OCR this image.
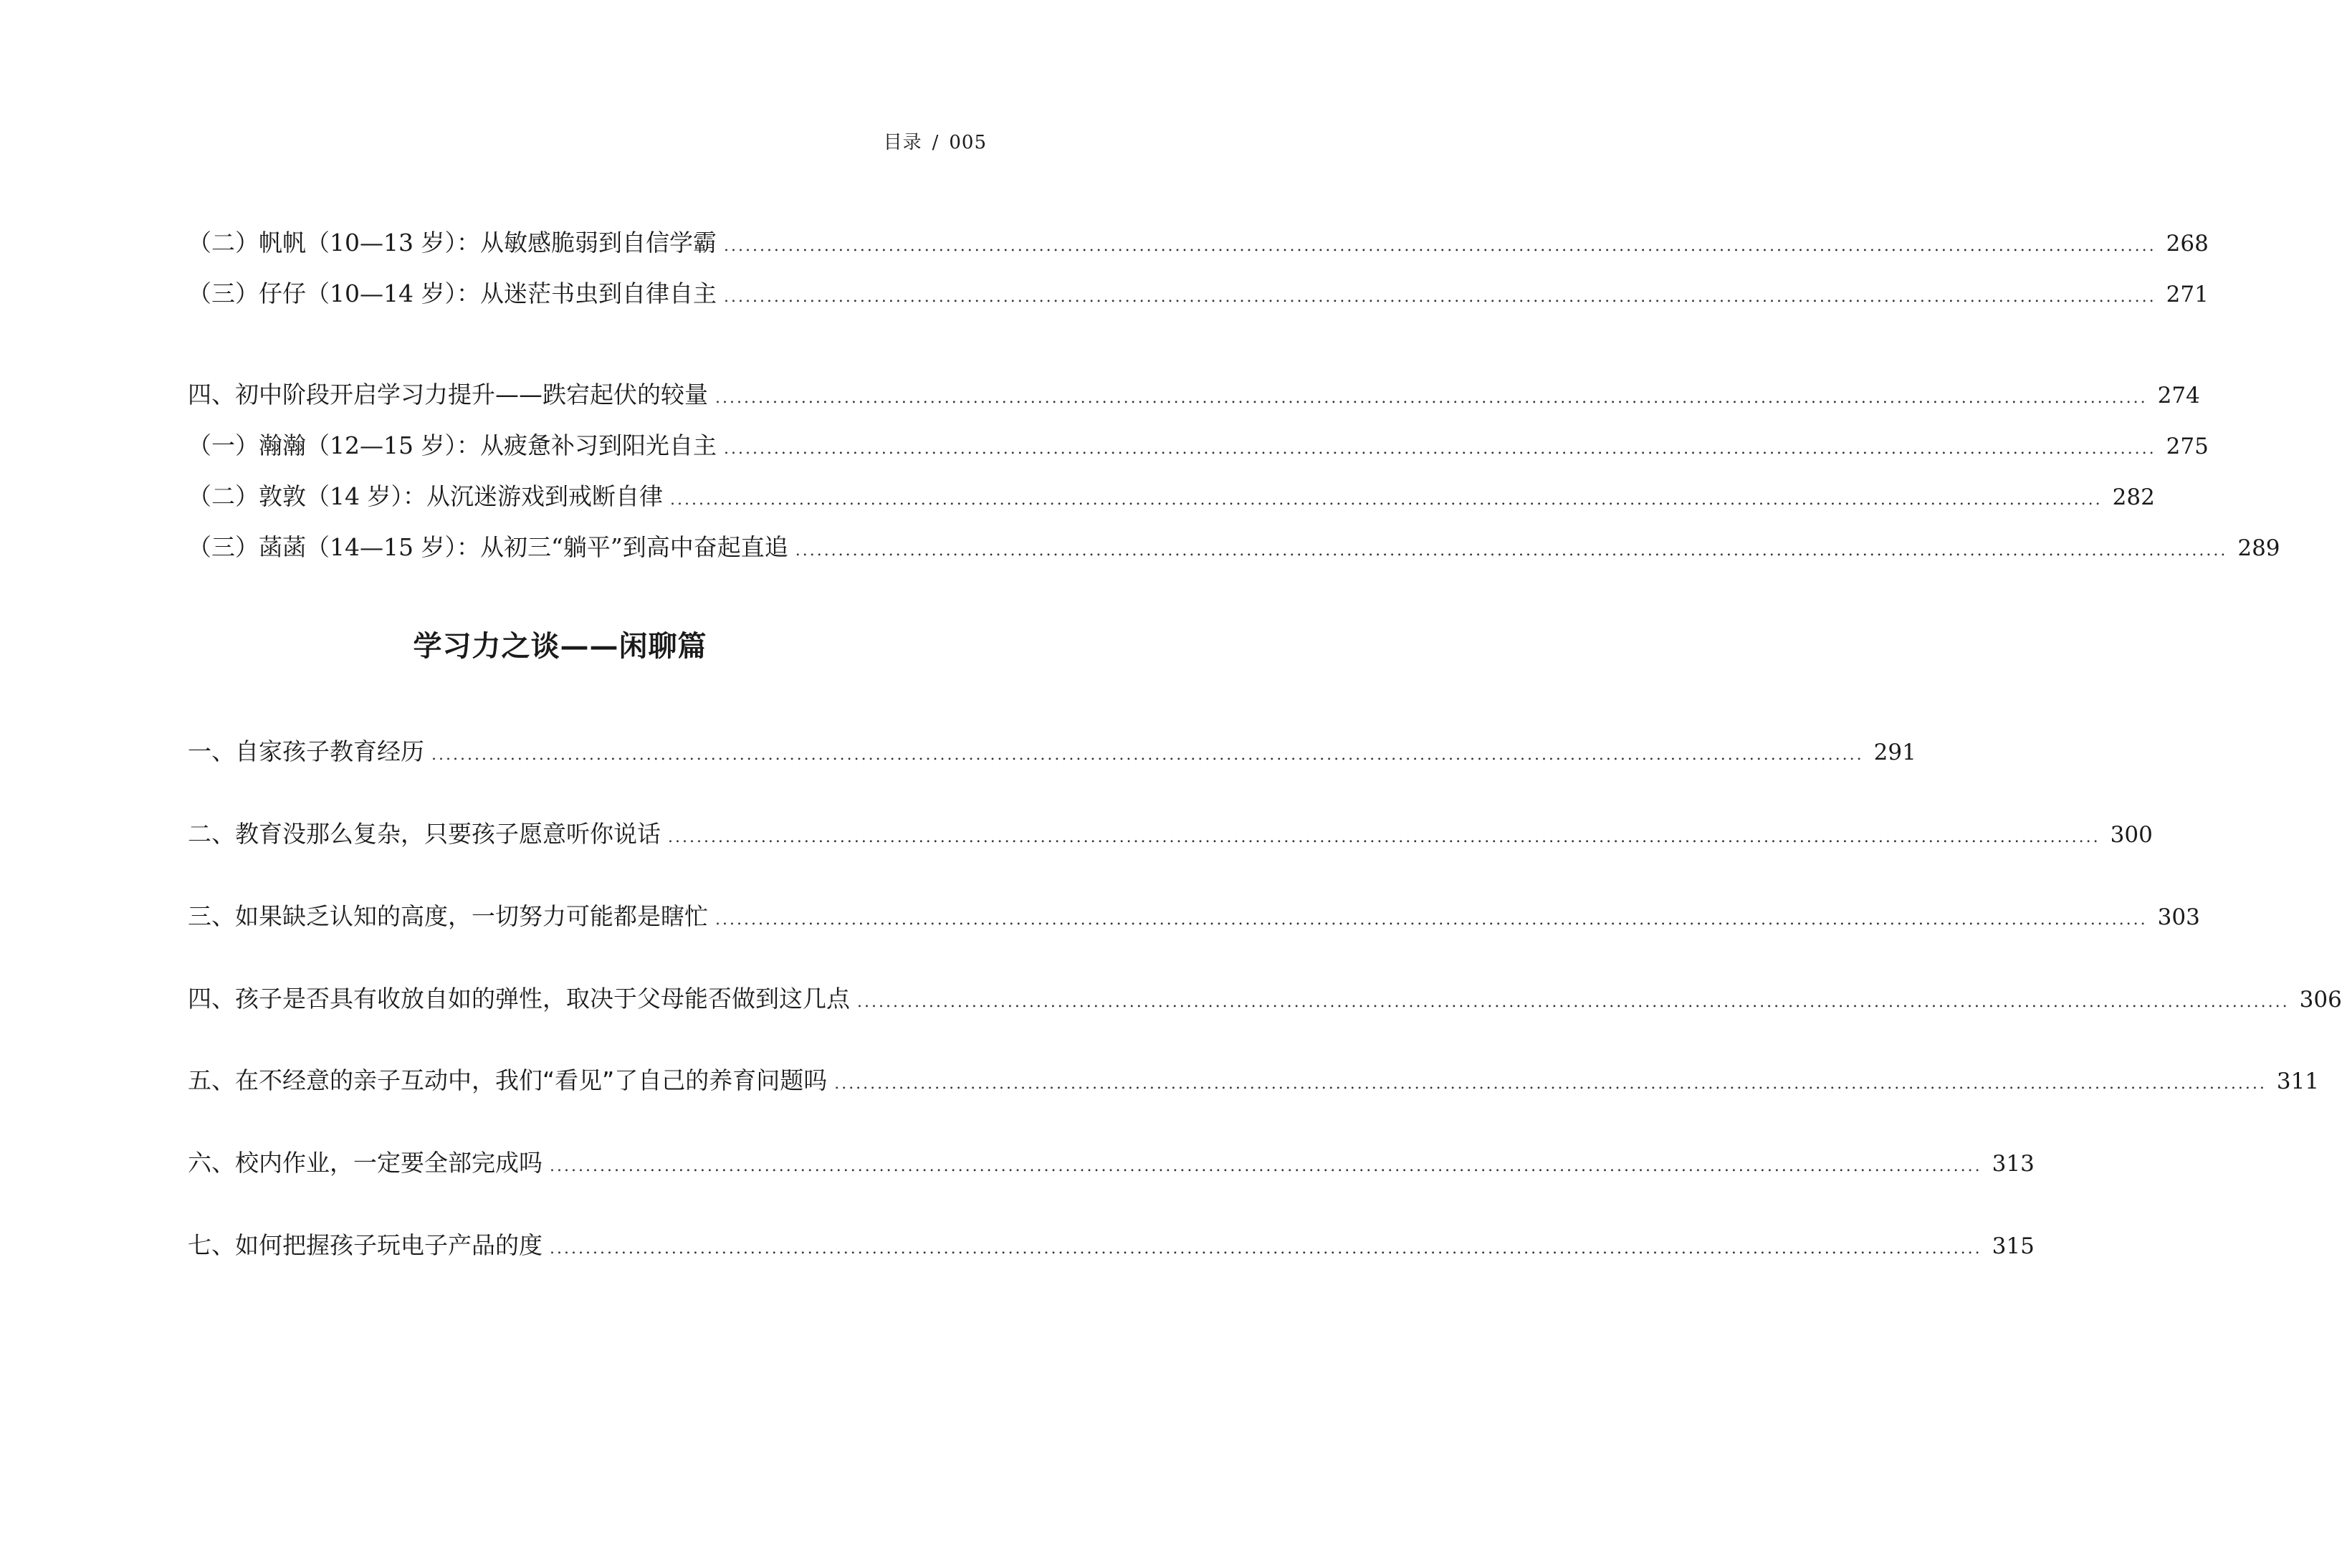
目录 / 005
（二）帆帆（10—13 岁）：从敏感脆弱到自信学霸 ........................................................................................................................................................................................................ 268
（三）仔仔（10—14 岁）：从迷茫书虫到自律自主 ........................................................................................................................................................................................................ 271
四、初中阶段开启学习力提升——跌宕起伏的较量 ........................................................................................................................................................................................................ 274
（一）瀚瀚（12—15 岁）：从疲惫补习到阳光自主 ........................................................................................................................................................................................................ 275
（二）敦敦（14 岁）：从沉迷游戏到戒断自律 ........................................................................................................................................................................................................ 282
（三）菡菡（14—15 岁）：从初三“躺平”到高中奋起直追 ........................................................................................................................................................................................................ 289
学习力之谈——闲聊篇
一、自家孩子教育经历 ........................................................................................................................................................................................................ 291
二、教育没那么复杂，只要孩子愿意听你说话 ........................................................................................................................................................................................................ 300
三、如果缺乏认知的高度，一切努力可能都是瞎忙 ........................................................................................................................................................................................................ 303
四、孩子是否具有收放自如的弹性，取决于父母能否做到这几点 ........................................................................................................................................................................................................ 306
五、在不经意的亲子互动中，我们“看见”了自己的养育问题吗 ........................................................................................................................................................................................................ 311
六、校内作业，一定要全部完成吗 ........................................................................................................................................................................................................ 313
七、如何把握孩子玩电子产品的度 ........................................................................................................................................................................................................ 315
